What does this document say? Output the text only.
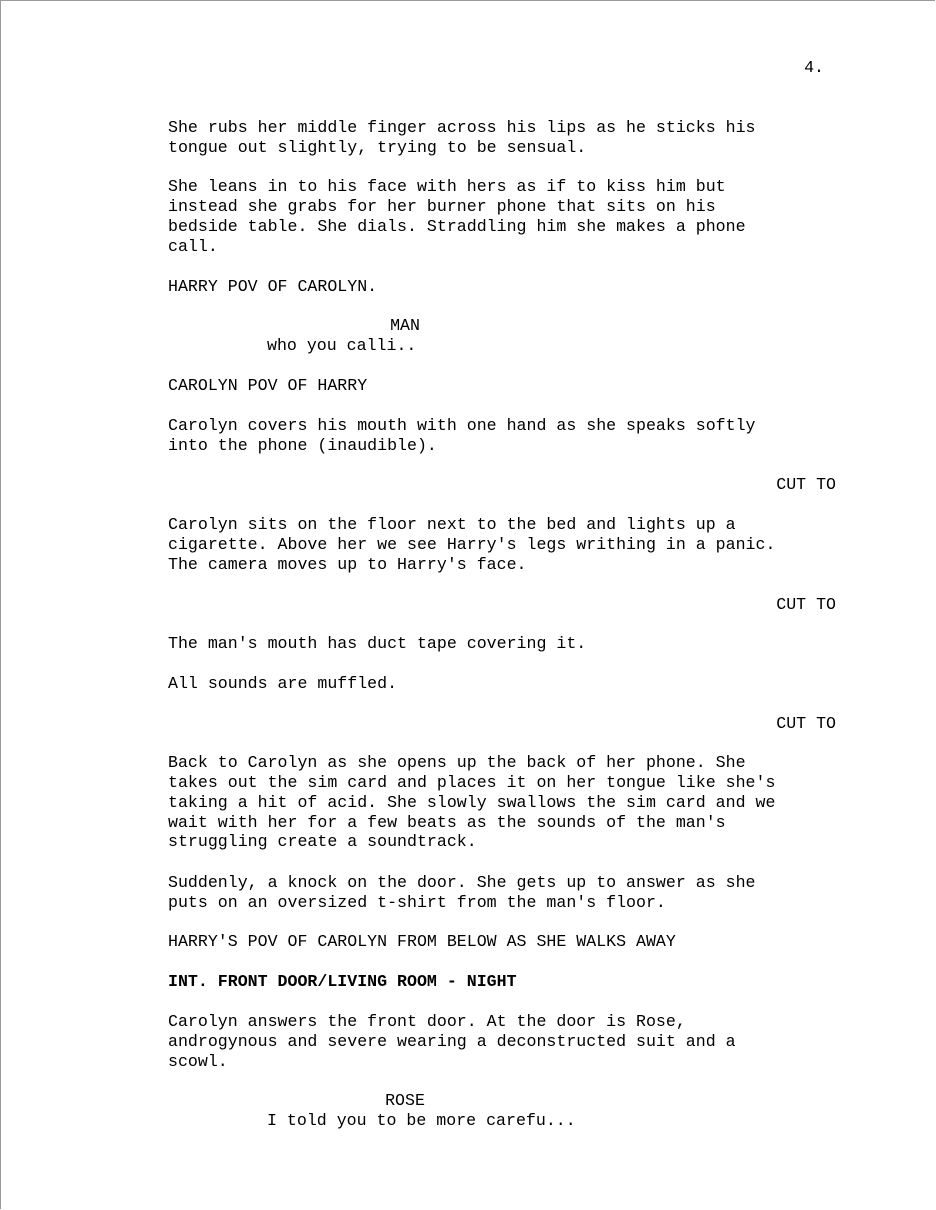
4.
She rubs her middle finger across his lips as he sticks his
tongue out slightly, trying to be sensual.
She leans in to his face with hers as if to kiss him but
instead she grabs for her burner phone that sits on his
bedside table. She dials. Straddling him she makes a phone
call.
HARRY POV OF CAROLYN.
MAN
who you calli..
CAROLYN POV OF HARRY
Carolyn covers his mouth with one hand as she speaks softly
into the phone (inaudible).
CUT TO
Carolyn sits on the floor next to the bed and lights up a
cigarette. Above her we see Harry's legs writhing in a panic.
The camera moves up to Harry's face.
CUT TO
The man's mouth has duct tape covering it.
All sounds are muffled.
CUT TO
Back to Carolyn as she opens up the back of her phone. She
takes out the sim card and places it on her tongue like she's
taking a hit of acid. She slowly swallows the sim card and we
wait with her for a few beats as the sounds of the man's
struggling create a soundtrack.
Suddenly, a knock on the door. She gets up to answer as she
puts on an oversized t-shirt from the man's floor.
HARRY'S POV OF CAROLYN FROM BELOW AS SHE WALKS AWAY
INT. FRONT DOOR/LIVING ROOM - NIGHT
Carolyn answers the front door. At the door is Rose,
androgynous and severe wearing a deconstructed suit and a
scowl.
ROSE
I told you to be more carefu...
